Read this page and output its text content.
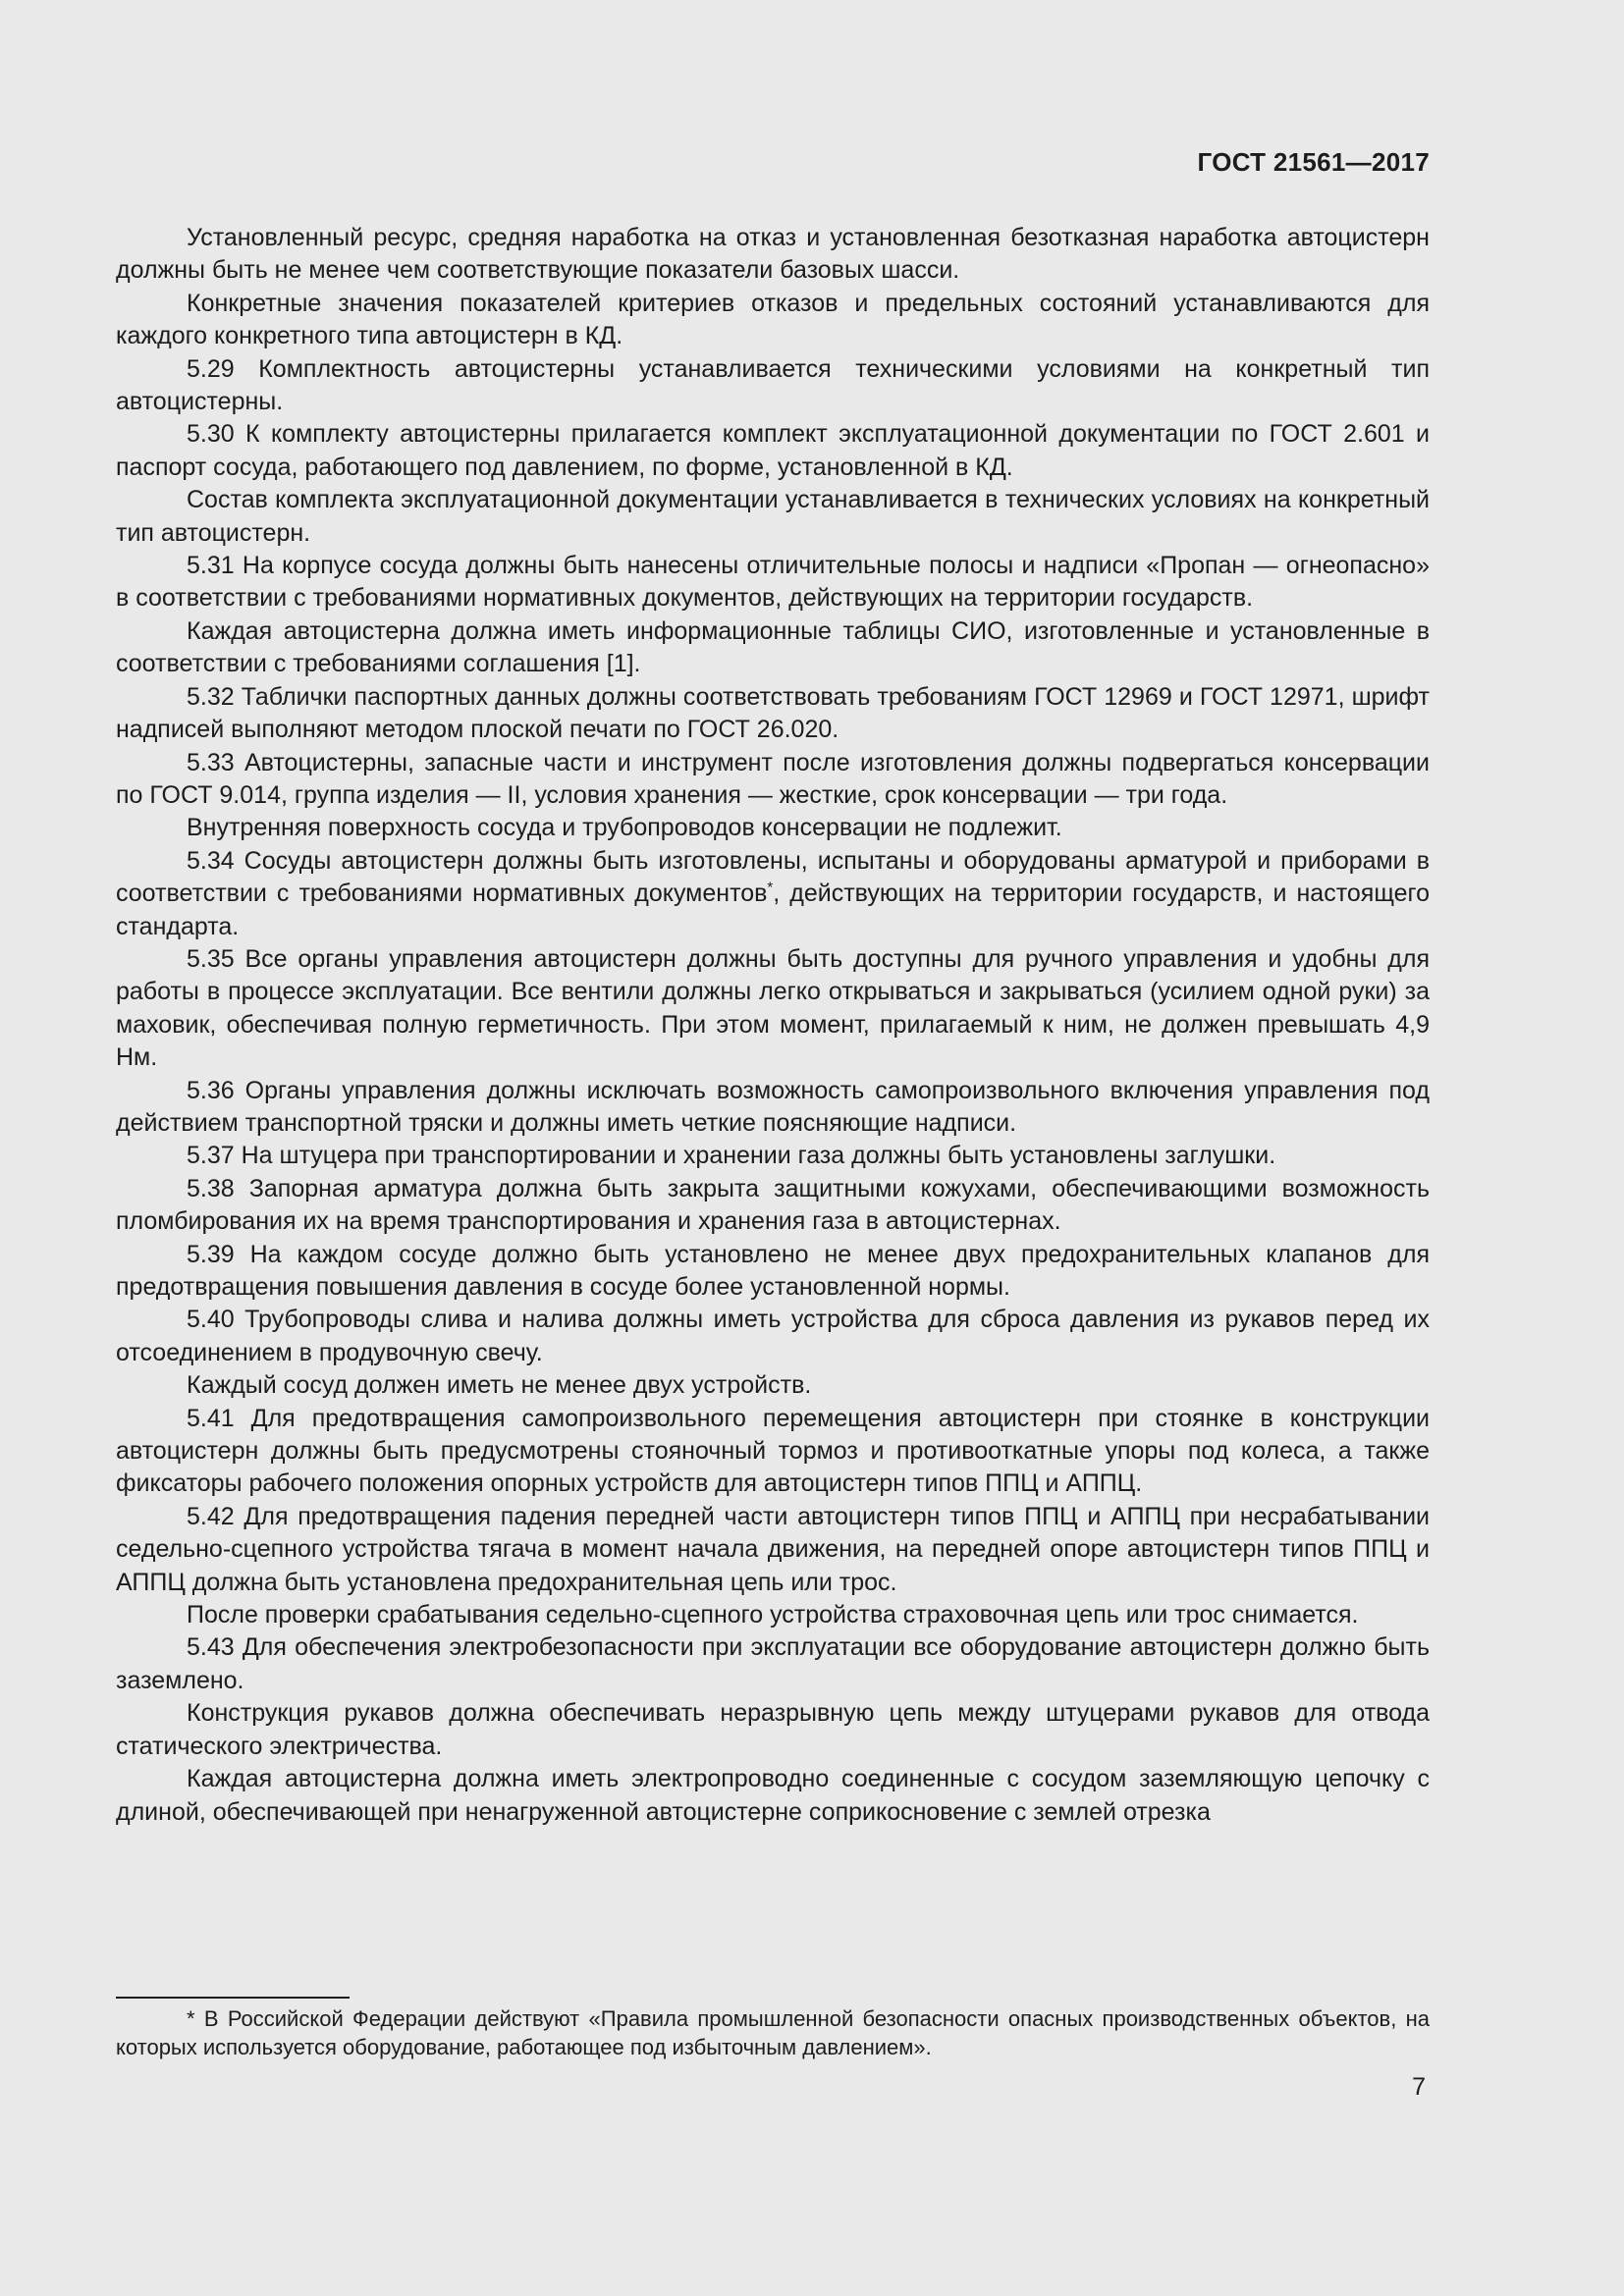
ГОСТ 21561—2017

Установленный ресурс, средняя наработка на отказ и установленная безотказная наработка автоцистерн должны быть не менее чем соответствующие показатели базовых шасси.

Конкретные значения показателей критериев отказов и предельных состояний устанавливаются для каждого конкретного типа автоцистерн в КД.

5.29 Комплектность автоцистерны устанавливается техническими условиями на конкретный тип автоцистерны.

5.30 К комплекту автоцистерны прилагается комплект эксплуатационной документации по ГОСТ 2.601 и паспорт сосуда, работающего под давлением, по форме, установленной в КД.

Состав комплекта эксплуатационной документации устанавливается в технических условиях на конкретный тип автоцистерн.

5.31 На корпусе сосуда должны быть нанесены отличительные полосы и надписи «Пропан — огнеопасно» в соответствии с требованиями нормативных документов, действующих на территории государств.

Каждая автоцистерна должна иметь информационные таблицы СИО, изготовленные и установленные в соответствии с требованиями соглашения [1].

5.32 Таблички паспортных данных должны соответствовать требованиям ГОСТ 12969 и ГОСТ 12971, шрифт надписей выполняют методом плоской печати по ГОСТ 26.020.

5.33 Автоцистерны, запасные части и инструмент после изготовления должны подвергаться консервации по ГОСТ 9.014, группа изделия — II, условия хранения — жесткие, срок консервации — три года.

Внутренняя поверхность сосуда и трубопроводов консервации не подлежит.

5.34 Сосуды автоцистерн должны быть изготовлены, испытаны и оборудованы арматурой и приборами в соответствии с требованиями нормативных документов*, действующих на территории государств, и настоящего стандарта.

5.35 Все органы управления автоцистерн должны быть доступны для ручного управления и удобны для работы в процессе эксплуатации. Все вентили должны легко открываться и закрываться (усилием одной руки) за маховик, обеспечивая полную герметичность. При этом момент, прилагаемый к ним, не должен превышать 4,9 Нм.

5.36 Органы управления должны исключать возможность самопроизвольного включения управления под действием транспортной тряски и должны иметь четкие поясняющие надписи.

5.37 На штуцера при транспортировании и хранении газа должны быть установлены заглушки.

5.38 Запорная арматура должна быть закрыта защитными кожухами, обеспечивающими возможность пломбирования их на время транспортирования и хранения газа в автоцистернах.

5.39 На каждом сосуде должно быть установлено не менее двух предохранительных клапанов для предотвращения повышения давления в сосуде более установленной нормы.

5.40 Трубопроводы слива и налива должны иметь устройства для сброса давления из рукавов перед их отсоединением в продувочную свечу.

Каждый сосуд должен иметь не менее двух устройств.

5.41 Для предотвращения самопроизвольного перемещения автоцистерн при стоянке в конструкции автоцистерн должны быть предусмотрены стояночный тормоз и противооткатные упоры под колеса, а также фиксаторы рабочего положения опорных устройств для автоцистерн типов ППЦ и АППЦ.

5.42 Для предотвращения падения передней части автоцистерн типов ППЦ и АППЦ при несрабатывании седельно-сцепного устройства тягача в момент начала движения, на передней опоре автоцистерн типов ППЦ и АППЦ должна быть установлена предохранительная цепь или трос.

После проверки срабатывания седельно-сцепного устройства страховочная цепь или трос снимается.

5.43 Для обеспечения электробезопасности при эксплуатации все оборудование автоцистерн должно быть заземлено.

Конструкция рукавов должна обеспечивать неразрывную цепь между штуцерами рукавов для отвода статического электричества.

Каждая автоцистерна должна иметь электропроводно соединенные с сосудом заземляющую цепочку с длиной, обеспечивающей при ненагруженной автоцистерне соприкосновение с землей отрезка

* В Российской Федерации действуют «Правила промышленной безопасности опасных производственных объектов, на которых используется оборудование, работающее под избыточным давлением».
7
